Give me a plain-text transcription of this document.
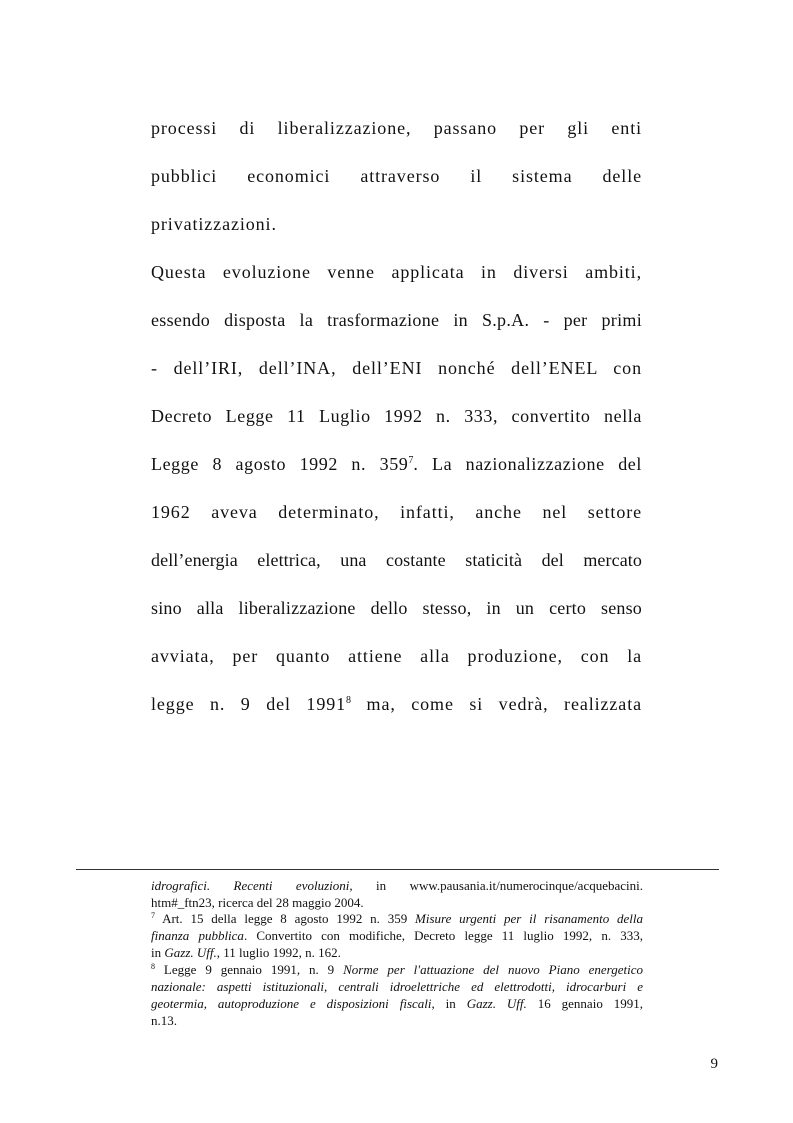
processi di liberalizzazione, passano per gli enti
pubblici economici attraverso il sistema delle
privatizzazioni.
Questa evoluzione venne applicata in diversi ambiti,
essendo disposta la trasformazione in S.p.A. - per primi
- dell’IRI, dell’INA, dell’ENI nonché dell’ENEL con
Decreto Legge 11 Luglio 1992 n. 333, convertito nella
Legge 8 agosto 1992 n. $359^7$. La nazionalizzazione del
1962 aveva determinato, infatti, anche nel settore
dell’energia elettrica, una costante staticità del mercato
sino alla liberalizzazione dello stesso, in un certo senso
avviata, per quanto attiene alla produzione, con la
legge n. 9 del 1991$^8$ ma, come si vedrà, realizzata
idrografici. Recenti evoluzioni, in www.pausania.it/numerocinque/acquebacini.
htm#_ftn23, ricerca del 28 maggio 2004.
$^7$ Art. 15 della legge 8 agosto 1992 n. 359 Misure urgenti per il risanamento della
finanza pubblica. Convertito con modifiche, Decreto legge 11 luglio 1992, n. 333,
in Gazz. Uff., 11 luglio 1992, n. 162.
$^8$ Legge 9 gennaio 1991, n. 9 Norme per l'attuazione del nuovo Piano energetico
nazionale: aspetti istituzionali, centrali idroelettriche ed elettrodotti, idrocarburi e
geotermia, autoproduzione e disposizioni fiscali, in Gazz. Uff. 16 gennaio 1991,
n.13.
9
